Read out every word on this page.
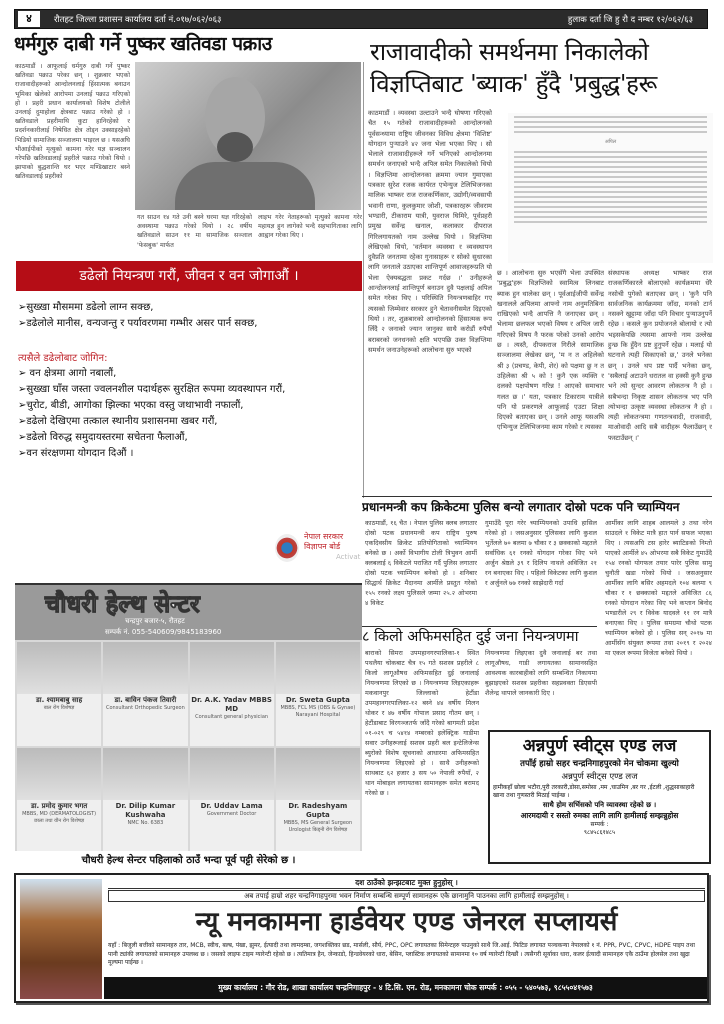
४	रौतहट जिल्ला प्रशासन कार्यालय दर्ता नं.०१७/०६२/०६३	हुलाक दर्ता जि हु रौ द नम्बर १२/०६२/६३
धर्मगुरु दाबी गर्ने पुष्कर खतिवडा पक्राउ
काठमाडौं । आफूलाई धर्मगुरु दाबी गर्ने पुष्कर खतिवडा पक्राउ परेका छन् । शुक्रबार भएको राजावादीहरूको आन्दोलनलाई हिंसात्मक बनाउन भूमिका खेलेको आरोपमा उनलाई पक्राउ गरिएको हो । प्रहरी प्रधान कार्यालयको विशेष टोलीले उनलाई दुमाहोला क्षेत्रबाट पक्राउ गरेको हो । खतिवडाले प्रहरीमाथि कुटा हानिरहेको र प्रदर्शनकारीलाई निषेधित क्षेत्र तोड्न उक्साइरहेको भिडियो सामाजिक सञ्जालमा भाइरल छ । यसअघि भीआईपीको मृत्युको कामना गरेर यज्ञ सञ्चालन गरेपछि खतिवडालाई प्रहरीले पक्राउ गरेको थियो । झापाको बुद्धशान्ति घर भएर मण्डिखाटार बस्ने खतिवडालाई प्रहरीको
गत साउन १४ गते उनी बस्ने घरमा यज्ञ गरिरहेको अवस्थामा पक्राउ गरेको थियो । २८ वर्षीय खतिवडाले साउन ११ मा सामाजिक सञ्जाल 'फेसबुक' मार्फत
लाइभ गरेर नेताहरूको मृत्युको कामना गरेर महायज्ञ हुन लागेको भन्दै सहभागिताका लागि आह्वान गरेका थिए ।
राजावादीको समर्थनमा निकालेको
विज्ञप्तिबाट 'ब्याक' हुँदै 'प्रबुद्ध'हरू
काठमाडौं । व्यवस्था उल्टाउने भन्दै घोषणा गरिएको चैत १५ गतेको राजावादीहरूको आन्दोलनको पूर्वसन्ध्यामा राष्ट्रिय जीवनका विविध क्षेत्रमा 'विशिष्ट' योगदान पुर्‍याउने ४२ जना भेला भएका थिए । सो भेलाले राजावादीहरूले गर्ने भनिएको आन्दोलनमा समर्थन जनाएको भन्दै अपिल समेत निकालेको थियो । विज्ञप्तिमा आन्दोलनका क्रममा ज्यान गुमाएका पत्रकार सुरेश रजक कार्यरत एभेन्युज टेलिभिजनका मालिक भाष्कर राज राजकर्णिकार, उद्योगी/व्यवसायी भवानी राणा, कुलकुमार जोशी, पत्रकारहरू जीवराम भण्डारी, टीकाराम यात्री, युवराज घिमिरे, पूर्वप्रहरी प्रमुख सर्वेन्द्र खनाल, कलाकार दीपराज गिरिलगायतको नाम उल्लेख थियो । विज्ञप्तिमा लेखिएको थियो, 'वर्तमान व्यवस्था र व्यवस्थापन दुवैप्रति जनतामा रहेका गुनासाहरू र सोको सुधारका लागि जनताले उठाएका शान्तिपूर्ण आवाजहरूप्रति यो भेला ऐक्यबद्धता प्रकट गर्दछ ।' उनीहरूले आन्दोलनलाई शान्तिपूर्ण बनाउन दुवै पक्षलाई अपिल समेत गरेका थिए । परिस्थिति नियन्त्रणबाहिर गए त्यसको जिम्मेवार सरकार हुने चेतावनीसमेत दिइएको थियो । तर, शुक्रबारको आन्दोलनको हिंसात्मक रूप लिँदै २ जनाको ज्यान जानुका साथै करोडौं रुपैयाँ बराबरको जनधनको क्षति भएपछि उक्त विज्ञप्तिमा समर्थन जनाउनेहरूको आलोचना सुरु भएको
अपिल
छ । आलोचना सुरु भएसँगै भेला उपस्थित 'प्रबुद्ध'हरू विज्ञप्तिको स्वामित्व लिनबाट ब्याक हुन थालेका छन् । पूर्वआईजीपी सर्वेन्द्र खनालले अपिलमा आफ्नो नाम अनुमतिबिना राखिएको भन्दै आपत्ति नै जनाएका छन् । भेलामा छलफल भएको विषय र अपिल जारी गरिएको विषय नै फरक परेको उनको आरोप छ । त्यस्तै, दीपकराज गिरीले सामाजिक सञ्जालमा लेखेका छन्, 'म न त अहिलेको श्री ३ (प्रचण्ड, केपी, शेर) को पक्षमा छु न त उहिलेका श्री ५ को ! कुनै एक व्यक्ति र दलको पक्षपोषण गरिन्न ! आएको समाचार गलत छ ।' यता, पत्रकार टिकाराम यात्रीले पनि यो प्रकरणले आफूलाई एउटा शिक्षा दिएको बताएका छन् । उनले आफू यसअघि एभिन्युज टेलिभिजनमा काम गरेको र त्यसका
संस्थापक अध्यक्ष भाष्कर राज राजकर्णिकारले बोलाएको कार्यक्रममा धेरै नसोची पुगेको बताएका छन् । 'कुनै पनि सार्वजनिक कार्यक्रममा जाँदा, मनको टार्न नसक्ने खुट्टामा जाँदा पनि विचार पुर्‍याउनुपर्ने रहेछ । कसले कुन प्रयोजनले बोलायो र त्यो भइसकेपछि त्यसमा आफ्नो नाम उल्लेख हुन्छ कि हुँदैन प्रष्ट हुनुपर्ने रहेछ । मलाई यो घटनाले त्यही सिकाएको छ,' उनले भनेका छन् । उनले थप प्रष्ट पार्दै भनेका छन्, 'सबैलाई अटाउने धरातल वा हक्सी कुनै हुन्छ भने त्यो सुन्दर आवरण लोकतन्त्र नै हो । सबैभन्दा निकृष्ट शासन लोकतन्त्र भए पनि त्योभन्दा उत्कृष्ट व्यवस्था लोकतन्त्र नै हो । त्यही लोकतन्त्रमा गणतन्त्रवादी, राजवादी, माओवादी आदि सबै वादीहरू फैलाउँछन् र फस्टाउँछन् ।'
डढेलो नियन्त्रण गरौं, जीवन र वन जोगाऔं ।
➢सुख्खा मौसममा डढेलो लाग्न सक्छ,
➢डढेलोले मानीस, वन्यजन्तु र पर्यावरणमा गम्भीर असर पार्न सक्छ,
त्यसैले डढेलोबाट जोगिन:
➢ वन क्षेत्रमा आगो नबालौं,
➢सुख्खा घाँस जस्ता ज्वलनशील पदार्थहरू सुरक्षित रूपमा व्यवस्थापन गरौं,
➢चुरोट, बीडी, आगोका झिल्का भएका वस्तु जथाभावी नफालौं,
➢डढेलो देखिएमा तत्काल स्थानीय प्रशासनमा खबर गरौं,
➢डढेलो विरुद्ध समुदायस्तरमा सचेतना फैलाऔं,
➢वन संरक्षणमा योगदान दिऔं ।
नेपाल सरकार
विज्ञापन बोर्ड
Activat
चौधरी हेल्थ सेन्टर
चन्द्रपुर बजार-५, रौतहट
सम्पर्क नं. 055-540609/9845183960
डा. श्यामबाबु साह
बाल रोग विशेषज्ञ
डा. बाविन पंकज तिवारी
Consultant Orthopedic Surgeon
Dr. A.K. Yadav MBBS MD
Consultant general physician
Dr. Sweta Gupta
MBBS, FCL MS (OBS & Gynae) Narayani Hospital
डा. प्रमोद कुमार भगत
MBBS, MD (DERMATOLOGIST) छाला तथा यौन रोग विशेषज्ञ
Dr. Dilip Kumar Kushwaha
NMC No. 6383
Dr. Uddav Lama
Government Doctor
Dr. Radeshyam Gupta
MBBS, MS General Surgeon Urologist किड्नी रोग विशेषज्ञ
चौधरी हेल्थ सेन्टर पहिलाको ठाउँ भन्दा पूर्व पट्टी सेरेको छ ।
प्रधानमन्त्री कप क्रिकेटमा पुलिस बन्यो लगातार दोस्रो पटक पनि च्याम्पियन
काठमाडौं, १६ चैत । नेपाल पुलिस क्लब लगातार दोस्रो पटक प्रधानमन्त्री कप राष्ट्रिय पुरुष एकदिवसीय क्रिकेट प्रतियोगिताको च्याम्पियन बनेको छ । अर्को विभागीय टोली त्रिभुवन आर्मी क्लबलाई ६ विकेटले पराजित गर्दै पुलिस लगातार दोस्रो पटक च्याम्पियन बनेको हो । शनिबार सिद्धार्थ क्रिकेट मैदानमा आर्मीले प्रस्तुत गरेको १५५ रनको लक्ष्य पुलिसले जम्मा २५.२ ओभरमा ४ विकेट
गुमाउँदै पूरा गरेर च्याम्पियनको उपाधि हासिल गरेको हो । जसअनुसार पुलिसका लागि कुशल भुर्तेलले ७० बलमा ७ चौका र ३ छक्काको मद्दतले सर्वाधिक ६१ रनको योगदान गरेका थिए भने अर्जुन श्रेष्ठले ३९ र दिलिप नाथले अविजित २१ रन बनाएका थिए । पहिलो विकेटका लागि कुशल र अर्जुनले ७७ रनको साझेदारी गर्दा
आर्मीका लागि शाहब आलमले ३ तथा नरेन साउदले १ विकेट मात्रै हात पार्न सफल भएका थिए । त्यसअघि टस हारेर ब्याटिङको निम्तो पाएको आर्मीले ४५ ओभरमा सबै विकेट गुमाउँदै १५४ रनको योगफल तयार पारेर पुलिस सामु चुनौती खडा गरेको थियो । जसअनुसार आर्मीका लागि बसिर अहमदले १०४ बलमा ९ चौका र १ छक्काको मद्दतले अविजित ८६ रनको योगदान गरेका थिए भने कप्तान बिनोद भण्डारीले २९ र विवेक यादवले ११ रन मात्रै बनाएका थिए । पुलिस समग्रमा चौथो पटक च्याम्पियन बनेको हो । पुलिस सन् २०१७ मा आर्मीसँग संयुक्त रूपमा तथा २०१९ र २०२४ मा एकल रूपमा विजेता बनेको थियो ।
८ किलो अफिमसहित दुई जना नियन्त्रणमा
बाराको सिमरा उपमहानगरपालिका-१ स्थित पथलैया चोकबाट चैत्र १५ गते सशस्त्र प्रहरीले ८ किलो लागूऔषध अफिमसहित दुई जनालाई नियन्त्रणमा लिएको छ । नियन्त्रणमा लिइएकाहरू मकवानपुर जिल्लाको हेटौंडा उपमहानगरपालिका-१२ बस्ने ४४ वर्षीय मिलन थोकर र ४७ वर्षीय गोपाल प्रसाद गौतम छन् । हेटौंडाबाट विरगञ्जतर्फ जाँदै गरेको बागमती प्रदेश ०१-०२९ च ५४१४ नम्बरको इलेक्ट्रिक गाडीमा सवार उनीहरूलाई सशस्त्र प्रहरी बल इन्टेलिजेन्स ब्युरोको विशेष सूचनाको आधारमा अफिमसहित नियन्त्रणमा लिइएको हो । साथै उनीहरूको साथबाट ६२ हजार ३ सय ५० नेपाली रुपैयाँ, २ थान मोबाइल लगायतका सामानहरू समेत बरामद गरेको छ ।
नियन्त्रणमा लिइएका दुवै जनालाई बर तथा लागूऔषध, गाडी लगायतका सामानसहित आवश्यक कारबाहीको लागि सम्बन्धित निकायमा बुझाइएको सशस्त्र प्रहरीका सहप्रवक्ता डिएसपी शैलेन्द्र थापाले जानकारी दिए ।
अन्नपुर्ण स्वीट्स एण्ड लज
तपाँई हाम्रो सहर चन्द्रनिगाहपुरको मेन चोकमा खुल्यो
अन्नपुर्ण स्वीट्स एण्ड लज
हामीकहाँ छोला भटौरा,पुरी तरकारी,डोसा,समोसा ,मम ,चाउमिन ,बर गर ,ईटली ,शुद्धसाकाहारी खाना तथा गुणस्तरी मिठाई पाईन्छ ।
साथै होम सर्भिसको पनि व्यावस्था रहेको छ ।
आरमदायी र सस्तो रुमका लागि लागि हामीलाई सम्झन्नुहोस
सम्पर्क :
९८४५८६१४८५
दश ठाउँको झन्झटबाट मुक्त हुनुहोस् ।
अब तपाई हाम्रो शहर चन्द्रनिगाहपुरमा भवन निर्माण सम्बन्धि सम्पूर्ण सामानहरू एकै छानामुनि पाउनका लागि हामीलाई सम्झनुहोस् ।
न्यू मनकामना हार्डवेयर एण्ड जेनरल सप्लायर्स
यहाँ : बिजुली बत्तीको सामानहरु तार, MCB, स्वीच, बल्ब, पंखा, झुमर, ईत्यादी तथा लामदम्बा, जगशक्तिका छड, मार्सली, सौर्य, PPC, OPC लगायतका सिमेन्टहरु पाउनुको साथै जि.आई. फिटिङ लगायत पञ्चकन्या नेपालको १ नं. PPR, PVC, CPVC, HDPE पाइप तथा पानी ट्यांकी लगायतको सामानहरु उपलब्ध छ । जसको लाइफ टाइम ग्यारेन्टी रहेको छ । त्यतिमात्र हैन, जेन्काडो, हिन्डवेयरको धारा, बेसिन, प्लास्टिक लगायतको सामानमा १० वर्ष ग्यारेन्टी दिन्छौं । त्यसैगरी सूर्याका धारा, कलर ईत्यादी सामानहरु एकै ठाउँमा होलसेल तथा खुद्रा मूल्यमा पाईन्छ ।
मुख्य कार्यालय : गौर रोड, शाखा कार्यालय चन्द्रनिगाहपुर - ४ टि.सि. एन. रोड, मनकामना चोक सम्पर्क : ०५५ - ५४०५७३, ९८५५०४१५७३
